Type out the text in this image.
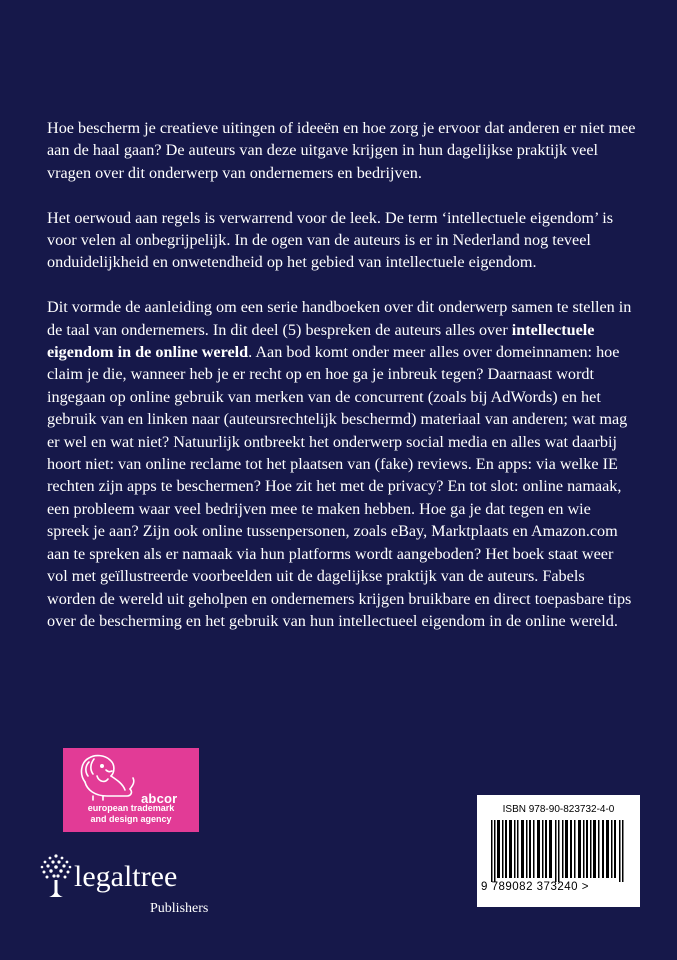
Hoe bescherm je creatieve uitingen of ideeën en hoe zorg je ervoor dat anderen er niet mee aan de haal gaan? De auteurs van deze uitgave krijgen in hun dagelijkse praktijk veel vragen over dit onderwerp van ondernemers en bedrijven.

Het oerwoud aan regels is verwarrend voor de leek. De term ‘intellectuele eigendom’ is voor velen al onbegrijpelijk. In de ogen van de auteurs is er in Nederland nog teveel onduidelijkheid en onwetendheid op het gebied van intellectuele eigendom.

Dit vormde de aanleiding om een serie handboeken over dit onderwerp samen te stellen in de taal van ondernemers. In dit deel (5) bespreken de auteurs alles over intellectuele eigendom in de online wereld. Aan bod komt onder meer alles over domeinnamen: hoe claim je die, wanneer heb je er recht op en hoe ga je inbreuk tegen? Daarnaast wordt ingegaan op online gebruik van merken van de concurrent (zoals bij AdWords) en het gebruik van en linken naar (auteursrechtelijk beschermd) materiaal van anderen; wat mag er wel en wat niet? Natuurlijk ontbreekt het onderwerp social media en alles wat daarbij hoort niet: van online reclame tot het plaatsen van (fake) reviews. En apps: via welke IE rechten zijn apps te beschermen? Hoe zit het met de privacy? En tot slot: online namaak, een probleem waar veel bedrijven mee te maken hebben. Hoe ga je dat tegen en wie spreek je aan? Zijn ook online tussenpersonen, zoals eBay, Marktplaats en Amazon.com aan te spreken als er namaak via hun platforms wordt aangeboden? Het boek staat weer vol met geïllustreerde voorbeelden uit de dagelijkse praktijk van de auteurs. Fabels worden de wereld uit geholpen en ondernemers krijgen bruikbare en direct toepasbare tips over de bescherming en het gebruik van hun intellectueel eigendom in de online wereld.

abcor
european trademark
and design agency
legaltree
Publishers
ISBN 978-90-823732-4-0
9 789082 373240 >
